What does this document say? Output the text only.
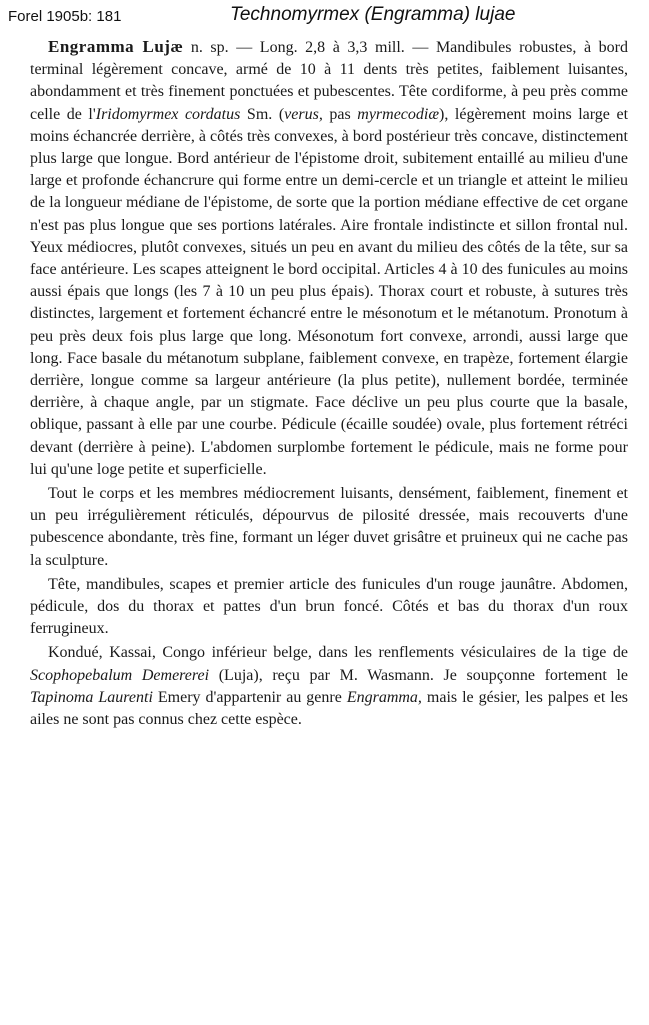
Forel 1905b: 181	Technomyrmex (Engramma) lujae

Engramma Lujæ n. sp. — Long. 2,8 à 3,3 mill. — Mandibules robustes, à bord terminal légèrement concave, armé de 10 à 11 dents très petites, faiblement luisantes, abondamment et très finement ponctuées et pubescentes. Tête cordiforme, à peu près comme celle de l'Iridomyrmex cordatus Sm. (verus, pas myrmecodiæ), légèrement moins large et moins échancrée derrière, à côtés très convexes, à bord postérieur très concave, distinctement plus large que longue. Bord antérieur de l'épistome droit, subitement entaillé au milieu d'une large et profonde échancrure qui forme entre un demi-cercle et un triangle et atteint le milieu de la longueur médiane de l'épistome, de sorte que la portion médiane effective de cet organe n'est pas plus longue que ses portions latérales. Aire frontale indistincte et sillon frontal nul. Yeux médiocres, plutôt convexes, situés un peu en avant du milieu des côtés de la tête, sur sa face antérieure. Les scapes atteignent le bord occipital. Articles 4 à 10 des funicules au moins aussi épais que longs (les 7 à 10 un peu plus épais). Thorax court et robuste, à sutures très distinctes, largement et fortement échancré entre le mésonotum et le métanotum. Pronotum à peu près deux fois plus large que long. Mésonotum fort convexe, arrondi, aussi large que long. Face basale du métanotum subplane, faiblement convexe, en trapèze, fortement élargie derrière, longue comme sa largeur antérieure (la plus petite), nullement bordée, terminée derrière, à chaque angle, par un stigmate. Face déclive un peu plus courte que la basale, oblique, passant à elle par une courbe. Pédicule (écaille soudée) ovale, plus fortement rétréci devant (derrière à peine). L'abdomen surplombe fortement le pédicule, mais ne forme pour lui qu'une loge petite et superficielle.

Tout le corps et les membres médiocrement luisants, densément, faiblement, finement et un peu irrégulièrement réticulés, dépourvus de pilosité dressée, mais recouverts d'une pubescence abondante, très fine, formant un léger duvet grisâtre et pruineux qui ne cache pas la sculpture.

Tête, mandibules, scapes et premier article des funicules d'un rouge jaunâtre. Abdomen, pédicule, dos du thorax et pattes d'un brun foncé. Côtés et bas du thorax d'un roux ferrugineux.

Kondué, Kassai, Congo inférieur belge, dans les renflements vésiculaires de la tige de Scophopebalum Demererei (Luja), reçu par M. Wasmann. Je soupçonne fortement le Tapinoma Laurenti Emery d'appartenir au genre Engramma, mais le gésier, les palpes et les ailes ne sont pas connus chez cette espèce.
